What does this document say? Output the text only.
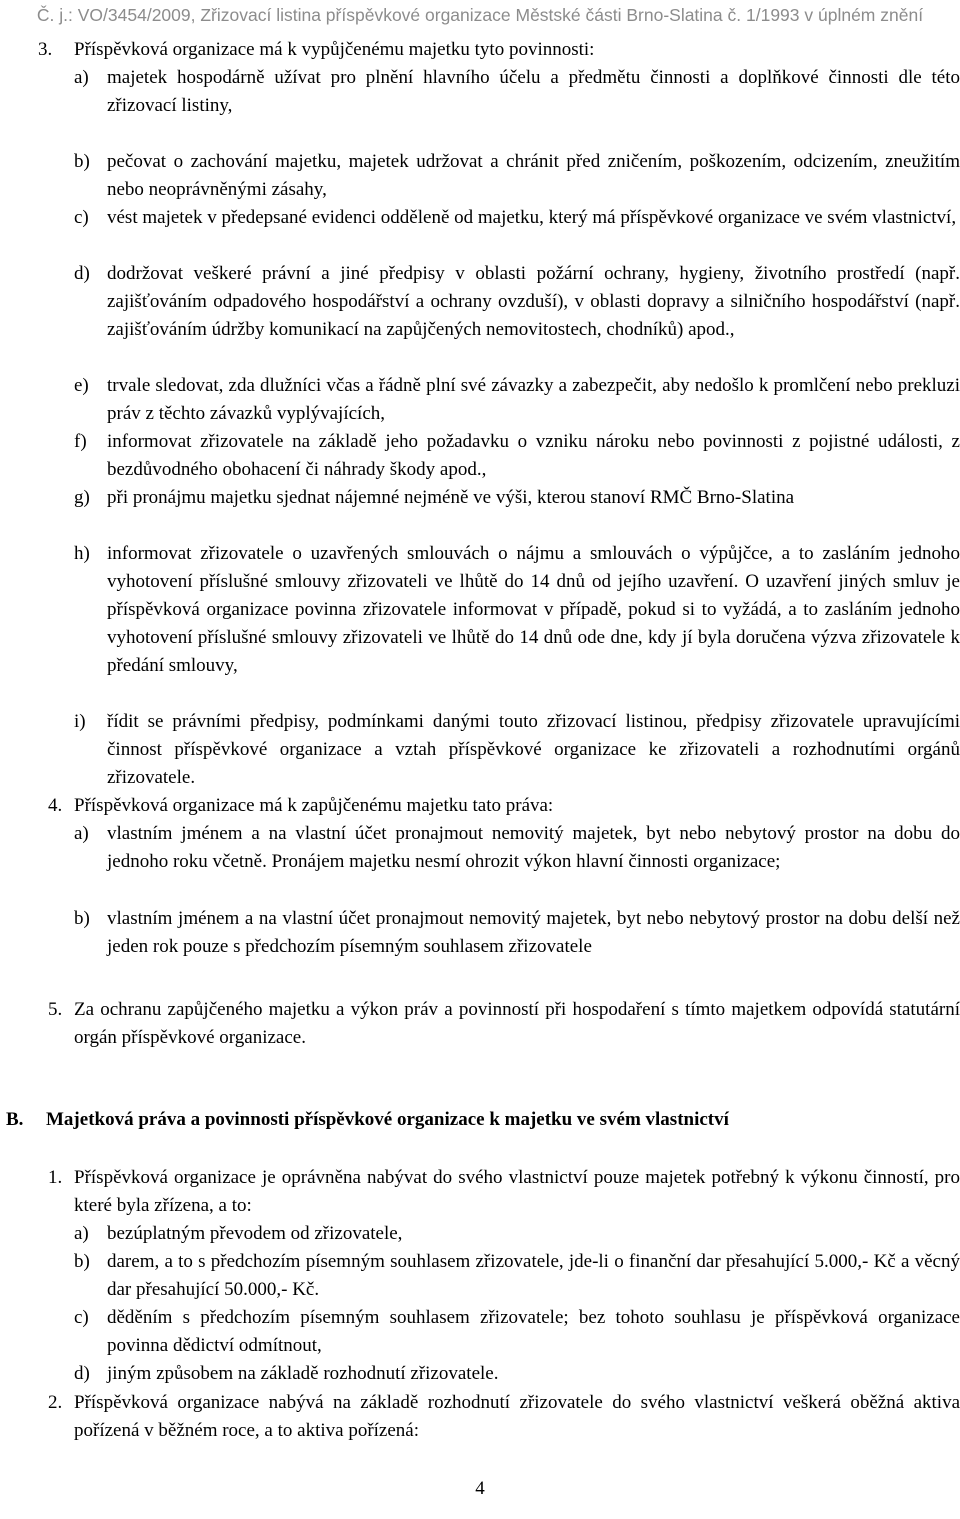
Č. j.: VO/3454/2009, Zřizovací listina příspěvkové organizace Městské části Brno-Slatina č. 1/1993 v úplném znění
3. Příspěvková organizace má k vypůjčenému majetku tyto povinnosti:
a) majetek hospodárně užívat pro plnění hlavního účelu a předmětu činnosti a doplňkové činnosti dle této zřizovací listiny,
b) pečovat o zachování majetku, majetek udržovat a chránit před zničením, poškozením, odcizením, zneužitím nebo neoprávněnými zásahy,
c) vést majetek v předepsané evidenci odděleně od majetku, který má příspěvkové organizace ve svém vlastnictví,
d) dodržovat veškeré právní a jiné předpisy v oblasti požární ochrany, hygieny, životního prostředí (např. zajišťováním odpadového hospodářství a ochrany ovzduší), v oblasti dopravy a silničního hospodářství (např. zajišťováním údržby komunikací na zapůjčených nemovitostech, chodníků) apod.,
e) trvale sledovat, zda dlužníci včas a řádně plní své závazky a zabezpečit, aby nedošlo k promlčení nebo prekluzi práv z těchto závazků vyplývajících,
f) informovat zřizovatele na základě jeho požadavku o vzniku nároku nebo povinnosti z pojistné události, z bezdůvodného obohacení či náhrady škody apod.,
g) při pronájmu majetku sjednat nájemné nejméně ve výši, kterou stanoví RMČ Brno-Slatina
h) informovat zřizovatele o uzavřených smlouvách o nájmu a smlouvách o výpůjčce, a to zasláním jednoho vyhotovení příslušné smlouvy zřizovateli ve lhůtě do 14 dnů od jejího uzavření. O uzavření jiných smluv je příspěvková organizace povinna zřizovatele informovat v případě, pokud si to vyžádá, a to zasláním jednoho vyhotovení příslušné smlouvy zřizovateli ve lhůtě do 14 dnů ode dne, kdy jí byla doručena výzva zřizovatele k předání smlouvy,
i) řídit se právními předpisy, podmínkami danými touto zřizovací listinou, předpisy zřizovatele upravujícími činnost příspěvkové organizace a vztah příspěvkové organizace ke zřizovateli a rozhodnutími orgánů zřizovatele.
4. Příspěvková organizace má k zapůjčenému majetku tato práva:
a) vlastním jménem a na vlastní účet pronajmout nemovitý majetek, byt nebo nebytový prostor na dobu do jednoho roku včetně. Pronájem majetku nesmí ohrozit výkon hlavní činnosti organizace;
b) vlastním jménem a na vlastní účet pronajmout nemovitý majetek, byt nebo nebytový prostor na dobu delší než jeden rok pouze s předchozím písemným souhlasem zřizovatele
5. Za ochranu zapůjčeného majetku a výkon práv a povinností při hospodaření s tímto majetkem odpovídá statutární orgán příspěvkové organizace.
B. Majetková práva a povinnosti příspěvkové organizace k majetku ve svém vlastnictví
1. Příspěvková organizace je oprávněna nabývat do svého vlastnictví pouze majetek potřebný k výkonu činností, pro které byla zřízena, a to:
a) bezúplatným převodem od zřizovatele,
b) darem, a to s předchozím písemným souhlasem zřizovatele, jde-li o finanční dar přesahující 5.000,- Kč a věcný dar přesahující 50.000,- Kč.
c) děděním s předchozím písemným souhlasem zřizovatele; bez tohoto souhlasu je příspěvková organizace povinna dědictví odmítnout,
d) jiným způsobem na základě rozhodnutí zřizovatele.
2. Příspěvková organizace nabývá na základě rozhodnutí zřizovatele do svého vlastnictví veškerá oběžná aktiva pořízená v běžném roce, a to aktiva pořízená:
4
